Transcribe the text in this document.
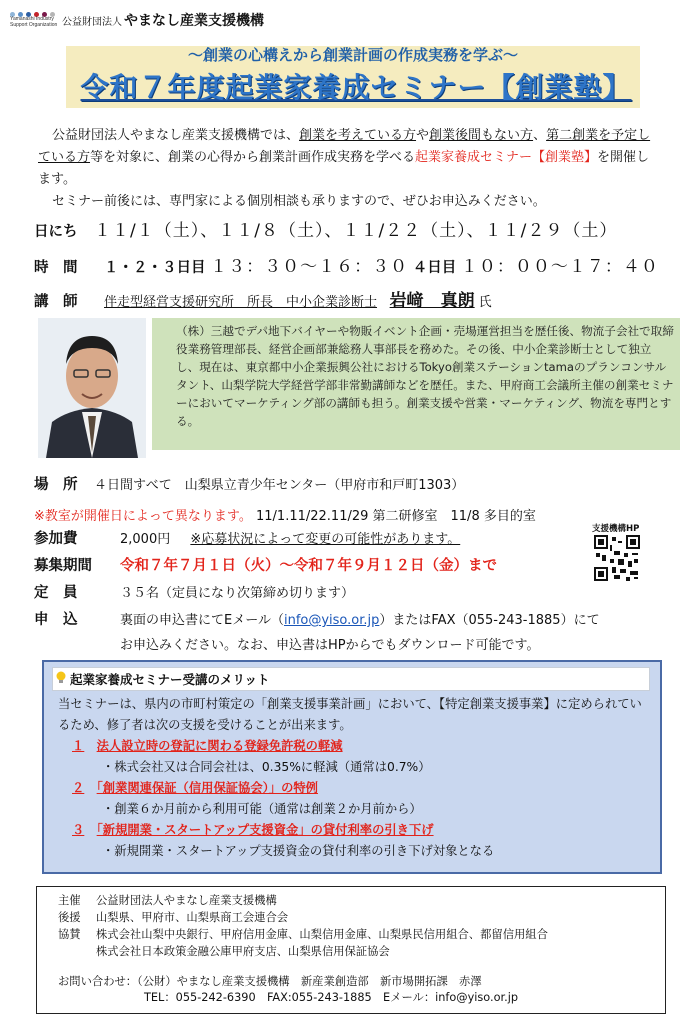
Yamanashi Industry Support Organization 公益財団法人 やまなし産業支援機構
～創業の心構えから創業計画の作成実務を学ぶ～
令和７年度起業家養成セミナー【創業塾】
公益財団法人やまなし産業支援機構では、創業を考えている方や創業後間もない方、第二創業を予定している方等を対象に、創業の心得から創業計画作成実務を学べる起業家養成セミナー【創業塾】を開催します。
セミナー前後には、専門家による個別相談も承りますので、ぜひお申込みください。
日にち １１/１（土）、１１/８（土）、１１/２２（土）、１１/２９（土）
時　間 １・２・３日目 １３：３０～１６：３０ ４日目 １０：００～１７：４０
講　師 伴走型経営支援研究所　所長　中小企業診断士 岩﨑　真朗 氏
（株）三越でデパ地下バイヤーや物販イベント企画・売場運営担当を歴任後、物流子会社で取締役業務管理部長、経営企画部兼総務人事部長を務めた。その後、中小企業診断士として独立し、現在は、東京都中小企業振興公社におけるTokyo創業ステーションtamaのプランコンサルタント、山梨学院大学経営学部非常勤講師などを歴任。また、甲府商工会議所主催の創業セミナーにおいてマーケティング部の講師も担う。創業支援や営業・マーケティング、物流を専門とする。
場　所 ４日間すべて　山梨県立青少年センター（甲府市和戸町1303）
※教室が開催日によって異なります。 11/1.11/22.11/29 第二研修室　11/8 多目的室
参加費	2,000円 ※応募状況によって変更の可能性があります。
募集期間 令和７年７月１日（火）～令和７年９月１２日（金）まで
定　員	３５名（定員になり次第締め切ります）
申　込	裏面の申込書にてEメール（info@yiso.or.jp）またはFAX（055-243-1885）にて
お申込みください。なお、申込書はHPからでもダウンロード可能です。
支援機構HP
起業家養成セミナー受講のメリット
当セミナーは、県内の市町村策定の「創業支援事業計画」において、【特定創業支援事業】に定められているため、修了者は次の支援を受けることが出来ます。
１　 法人設立時の登記に関わる登録免許税の軽減
・株式会社又は合同会社は、0.35%に軽減（通常は0.7%）
２　 「創業関連保証（信用保証協会）」の特例
・創業６か月前から利用可能（通常は創業２か月前から）
３　 「新規開業・スタートアップ支援資金」の貸付利率の引き下げ
・新規開業・スタートアップ支援資金の貸付利率の引き下げ対象となる
主催 公益財団法人やまなし産業支援機構
後援 山梨県、甲府市、山梨県商工会連合会
協賛 株式会社山梨中央銀行、甲府信用金庫、山梨信用金庫、山梨県民信用組合、都留信用組合
株式会社日本政策金融公庫甲府支店、山梨県信用保証協会
お問い合わせ：（公財）やまなし産業支援機構　新産業創造部　新市場開拓課　赤澤
TEL：055-242-6390　FAX:055-243-1885　Eメール：info@yiso.or.jp
